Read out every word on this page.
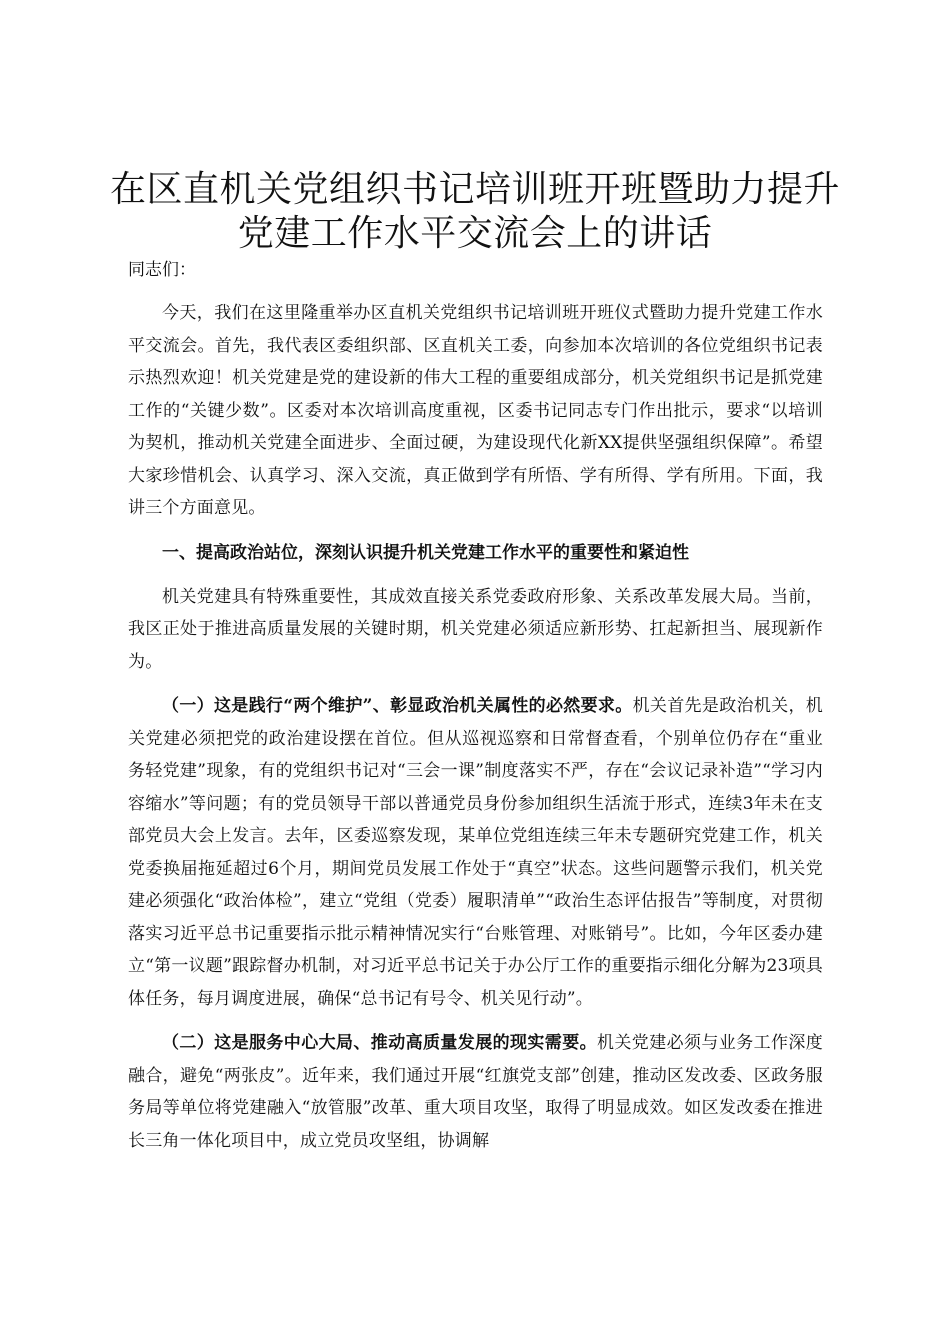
在区直机关党组织书记培训班开班暨助力提升
党建工作水平交流会上的讲话
同志们：

今天，我们在这里隆重举办区直机关党组织书记培训班开班仪式暨助力提升党建工作水平交流会。首先，我代表区委组织部、区直机关工委，向参加本次培训的各位党组织书记表示热烈欢迎！机关党建是党的建设新的伟大工程的重要组成部分，机关党组织书记是抓党建工作的“关键少数”。区委对本次培训高度重视，区委书记同志专门作出批示，要求“以培训为契机，推动机关党建全面进步、全面过硬，为建设现代化新XX提供坚强组织保障”。希望大家珍惜机会、认真学习、深入交流，真正做到学有所悟、学有所得、学有所用。下面，我讲三个方面意见。

一、提高政治站位，深刻认识提升机关党建工作水平的重要性和紧迫性

机关党建具有特殊重要性，其成效直接关系党委政府形象、关系改革发展大局。当前，我区正处于推进高质量发展的关键时期，机关党建必须适应新形势、扛起新担当、展现新作为。

（一）这是践行“两个维护”、彰显政治机关属性的必然要求。机关首先是政治机关，机关党建必须把党的政治建设摆在首位。但从巡视巡察和日常督查看，个别单位仍存在“重业务轻党建”现象，有的党组织书记对“三会一课”制度落实不严，存在“会议记录补造”“学习内容缩水”等问题；有的党员领导干部以普通党员身份参加组织生活流于形式，连续3年未在支部党员大会上发言。去年，区委巡察发现，某单位党组连续三年未专题研究党建工作，机关党委换届拖延超过6个月，期间党员发展工作处于“真空”状态。这些问题警示我们，机关党建必须强化“政治体检”，建立“党组（党委）履职清单”“政治生态评估报告”等制度，对贯彻落实习近平总书记重要指示批示精神情况实行“台账管理、对账销号”。比如，今年区委办建立“第一议题”跟踪督办机制，对习近平总书记关于办公厅工作的重要指示细化分解为23项具体任务，每月调度进展，确保“总书记有号令、机关见行动”。

（二）这是服务中心大局、推动高质量发展的现实需要。机关党建必须与业务工作深度融合，避免“两张皮”。近年来，我们通过开展“红旗党支部”创建，推动区发改委、区政务服务局等单位将党建融入“放管服”改革、重大项目攻坚，取得了明显成效。如区发改委在推进长三角一体化项目中，成立党员攻坚组，协调解
